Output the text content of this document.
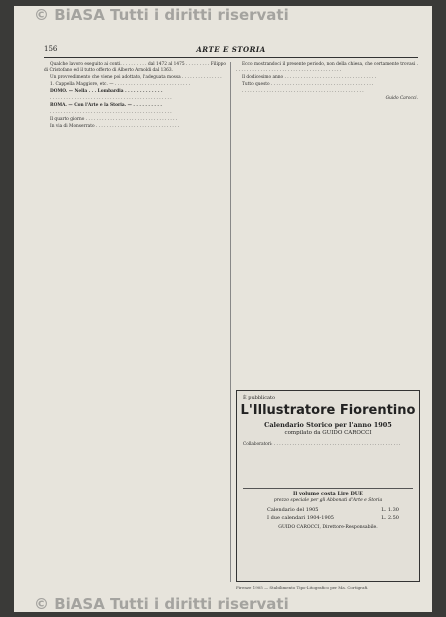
© BiASA Tutti i diritti riservati
156	ARTE E STORIA

Qualche lavoro eseguito ai conti. . . . . . . . . . dal 1472 al 1475 . . . . . . . . . Filippo di Cristofano ed il tutto offerto di Alberto Arnoldi dal 1363.

Un provvedimento che viene poi adottato, l'adeguata mossa . . . . . . . . . . . . . . .

1. Cappella Maggiore, etc. — . . . . . . . . . . . . . . . . . . . . . . . . . . . .

DOMO. — Nella . . . Lombardia . . . . . . . . . . . . .

. . . . . . . . . . . . . . . . . . . . . . . . . . . . . . . . . . . . . . . . . . . . .

ROMA. — Con l'Arte e la Storia. — . . . . . . . . . .

. . . . . . . . . . . . . . . . . . . . . . . . . . . . . . . . . . . . . . . . . . . . .

Il quarto giorno . . . . . . . . . . . . . . . . . . . . . . . . . . . . . . . . . .

In via di Monserrato . . . . . . . . . . . . . . . . . . . . . . . . . . . . . . .

Ecco mostrandoci il presente periodo, non della chiesa, che certamente trovasi . . . . . . . . . . . . . . . . . . . . . . . . . . . . . . . . . . . . . . . .

Il dodicesimo anno . . . . . . . . . . . . . . . . . . . . . . . . . . . . . . . . . .

Tutto questo . . . . . . . . . . . . . . . . . . . . . . . . . . . . . . . . . . . . . .

. . . . . . . . . . . . . . . . . . . . . . . . . . . . . . . . . . . . . . . . . . . . .

Guido Carocci.

È pubblicato
L'Illustratore Fiorentino
Calendario Storico per l'anno 1905
compilato da GUIDO CAROCCI
Collaboratori: . . . . . . . . . . . . . . . . . . . . . . . . . . . . . . . . . . . . . . . . . . . . . . . .
Il volume costa Lire DUE
prezzo speciale per gli Abbonati d'Arte e Storia
Calendario del 1905	L. 1.30
I due calendari 1904-1905	L. 2.50
GUIDO CAROCCI, Direttore-Responsabile.
Firenze 1905 — Stabilimento Tipo-Litografico per Ma. Cortigrafi.
© BiASA Tutti i diritti riservati
